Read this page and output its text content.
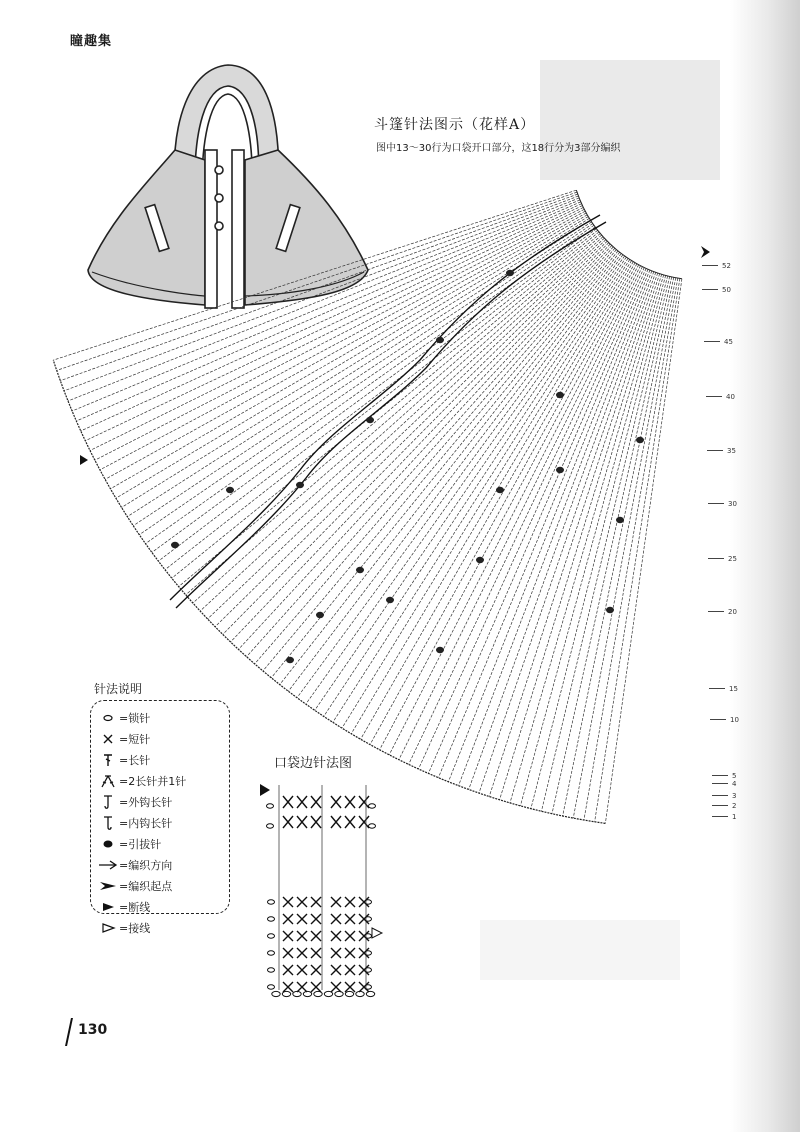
瞳趣集
斗篷针法图示（花样A）
图中13～30行为口袋开口部分，这18行分为3部分编织
52
50
45
40
35
30
25
20
15
10
5
4
3
2
1
针法说明
=锁针
=短针
=长针
=2长针并1针
=外钩长针
=内钩长针
=引拔针
=编织方向
=编织起点
=断线
=接线
口袋边针法图
130
